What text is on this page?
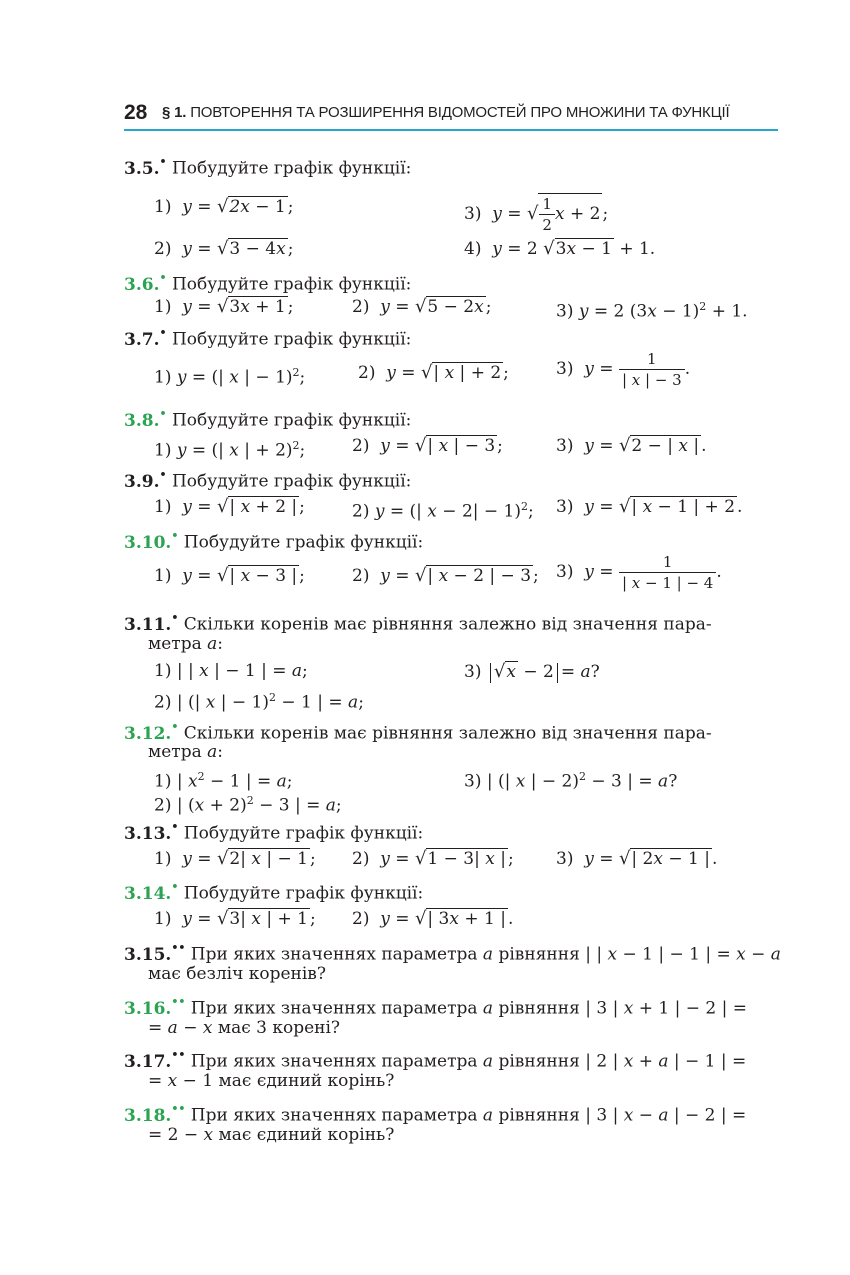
28 § 1. ПОВТОРЕННЯ ТА РОЗШИРЕННЯ ВІДОМОСТЕЙ ПРО МНОЖИНИ ТА ФУНКЦІЇ
3.5.• Побудуйте графік функції:
1) y = √2x − 1 ;	3) y = √ $\frac{1}{2}$ x + 2 ;
2) y = √3 − 4x ;	4) y = 2 √3x − 1 + 1.
3.6.• Побудуйте графік функції:
1)  y = √3x + 1 ;	2)  y = √5 − 2x ;	3) y = 2 $(3x - 1)^2 + 1$.
3.7.• Побудуйте графік функції:
1) y = (| x | − 1)$^2$;	2)  y = √| x | + 2 ;	3)  $y = \frac{1}{| x | - 3}$ .
3.8.• Побудуйте графік функції:
1) y = (| x | + 2)$^2$;	2)  y = √| x | − 3 ;	3)  y = √2 − | x | .
3.9.• Побудуйте графік функції:
1)  y = √| x + 2 | ;	2) y = (| x − 2| − 1)$^2$; 3)  y = √| x − 1 | + 2 .
3.10.• Побудуйте графік функції:
1)  y = √| x − 3 | ;	2)  y = √| x − 2 | − 3 ; 3)  $y = \frac{1}{| x - 1 | - 4}$ .
3.11.• Скільки коренів має рівняння залежно від значення пара-
метра a:
1) | | x | − 1 | = a;	3) √x − 2 = a?
2) | (| x | − 1)$^2$ − 1 | = a;
3.12.• Скільки коренів має рівняння залежно від значення пара-
метра a:
1) | $x^2 - 1$ | = a;	3) | (| x | − 2)$^2$ − 3 | = a?
2) | $(x + 2)^2 - 3$ | = a;
3.13.• Побудуйте графік функції:
1)  y = √2| x | − 1 ; 2)  y = √1 − 3| x | ; 3)  y = √| 2x − 1 | .
3.14.• Побудуйте графік функції:
1)  y = √3| x | + 1 ; 2)  y = √| 3x + 1 | .
3.15.•• При яких значеннях параметра a рівняння | | x − 1 | − 1 | = x − a
має безліч коренів?
3.16.•• При яких значеннях параметра a рівняння | 3 | x + 1 | − 2 | =
= a − x має 3 корені?
3.17.•• При яких значеннях параметра a рівняння | 2 | x + a | − 1 | =
= x − 1 має єдиний корінь?
3.18.•• При яких значеннях параметра a рівняння | 3 | x − a | − 2 | =
= 2 − x має єдиний корінь?
